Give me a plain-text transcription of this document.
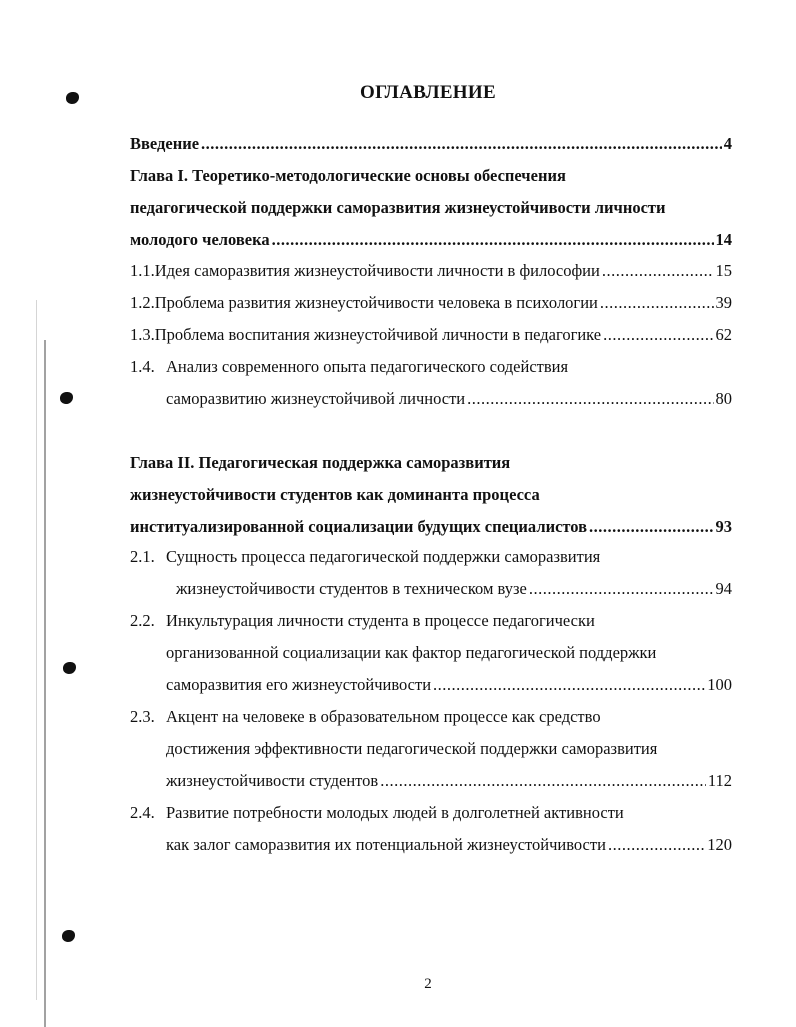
ОГЛАВЛЕНИЕ
Введение .....	4
Глава I. Теоретико-методологические основы обеспечения
педагогической поддержки саморазвития жизнеустойчивости личности
молодого человека .....	14
1.1. Идея саморазвития жизнеустойчивости личности в философии .....	15
1.2. Проблема развития жизнеустойчивости человека в психологии .....	39
1.3. Проблема воспитания жизнеустойчивой личности в педагогике .....	62
1.4. Анализ современного опыта педагогического содействия
саморазвитию жизнеустойчивой личности .....	80
Глава II. Педагогическая поддержка саморазвития
жизнеустойчивости студентов как доминанта процесса
институализированной социализации будущих специалистов .....	93
2.1. Сущность процесса педагогической поддержки саморазвития
жизнеустойчивости студентов в техническом вузе .....	94
2.2. Инкультурация личности студента в процессе педагогически
организованной социализации как фактор педагогической поддержки
саморазвития его жизнеустойчивости .....	100
2.3. Акцент на человеке в образовательном процессе как средство
достижения эффективности педагогической поддержки саморазвития
жизнеустойчивости студентов .....	112
2.4. Развитие потребности молодых людей в долголетней активности
как залог саморазвития их потенциальной жизнеустойчивости .....	120
2
